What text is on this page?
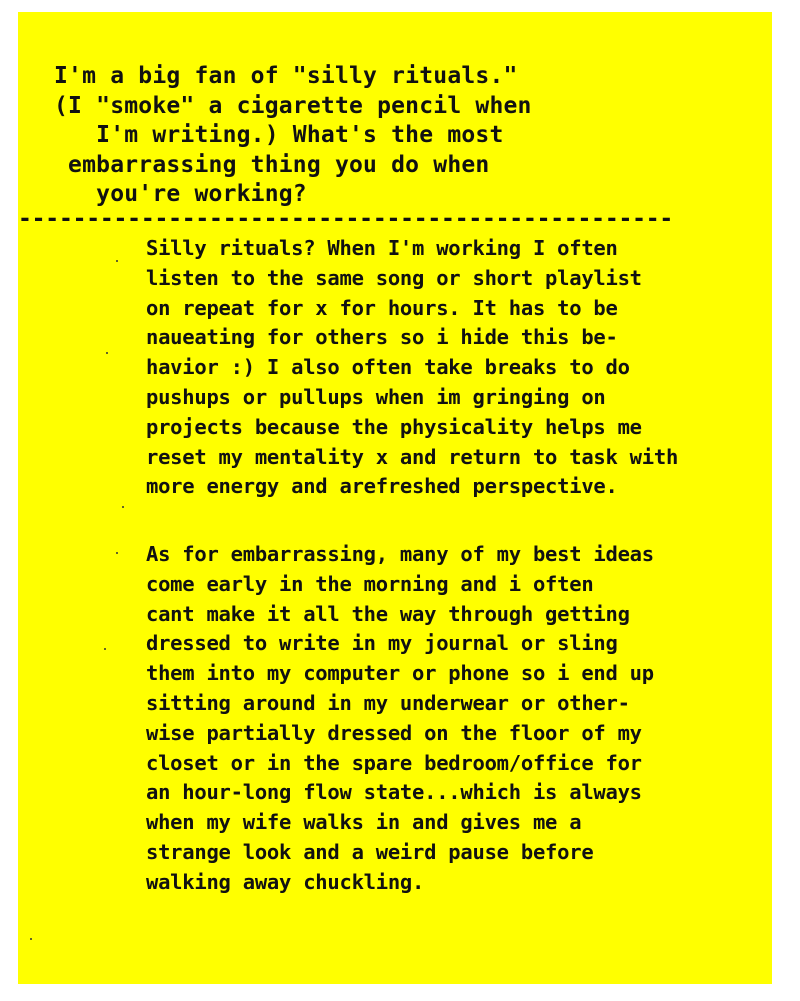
I'm a big fan of "silly rituals."
(I "smoke" a cigarette pencil when
I'm writing.) What's the most
embarrassing thing you do when
you're working?
------------------------------------------------
Silly rituals? When I'm working I often
listen to the same song or short playlist
on repeat for x for hours. It has to be
naueating for others so i hide this be-
havior :) I also often take breaks to do
pushups or pullups when im gringing on
projects because the physicality helps me
reset my mentality x and return to task with
more energy and arefreshed perspective.
As for embarrassing, many of my best ideas
come early in the morning and i often
cant make it all the way through getting
dressed to write in my journal or sling
them into my computer or phone so i end up
sitting around in my underwear or other-
wise partially dressed on the floor of my
closet or in the spare bedroom/office for
an hour-long flow state...which is always
when my wife walks in and gives me a
strange look and a weird pause before
walking away chuckling.
